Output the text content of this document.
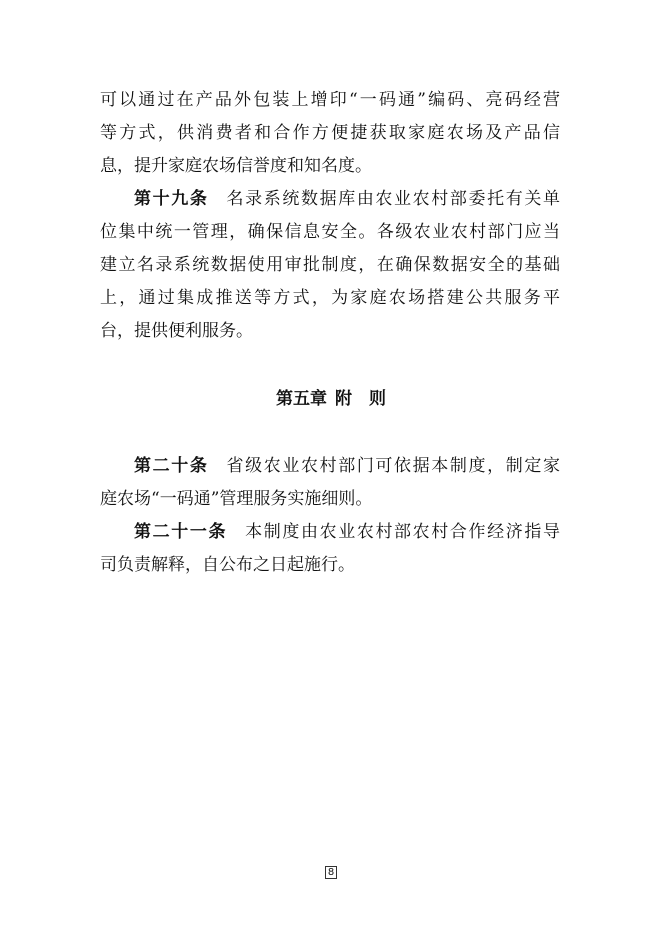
可以通过在产品外包装上增印“一码通”编码、亮码经营
等方式，供消费者和合作方便捷获取家庭农场及产品信
息，提升家庭农场信誉度和知名度。
第十九条 名录系统数据库由农业农村部委托有关单
位集中统一管理，确保信息安全。各级农业农村部门应当
建立名录系统数据使用审批制度，在确保数据安全的基础
上，通过集成推送等方式，为家庭农场搭建公共服务平
台，提供便利服务。
第五章 附　则
第二十条 省级农业农村部门可依据本制度，制定家
庭农场“一码通”管理服务实施细则。
第二十一条 本制度由农业农村部农村合作经济指导
司负责解释，自公布之日起施行。
8
